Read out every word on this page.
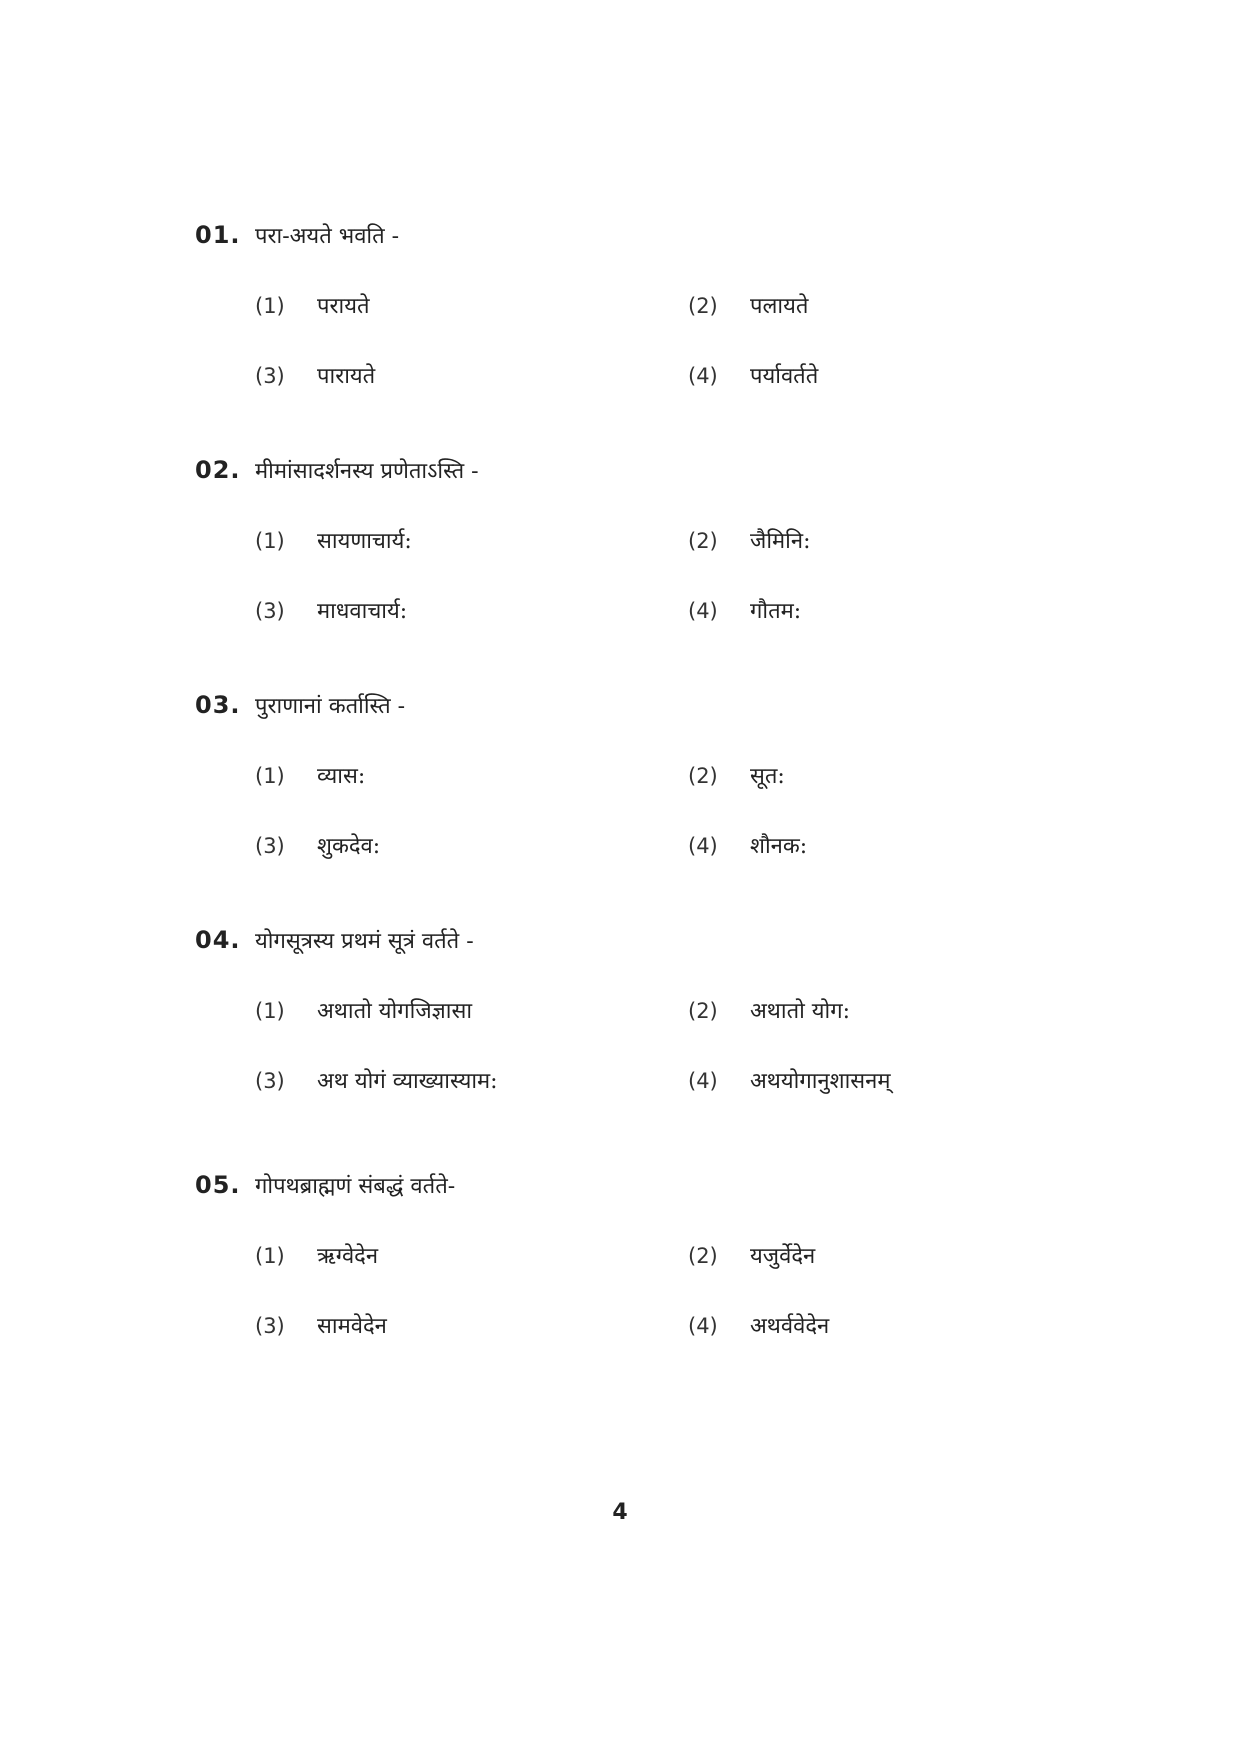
01. परा-अयते भवति -
(1)	परायते	(2)	पलायते
(3)	पारायते	(4)	पर्यावर्तते
02. मीमांसादर्शनस्य प्रणेताऽस्ति -
(1)	सायणाचार्य:	(2)	जैमिनि:
(3)	माधवाचार्य:	(4)	गौतम:
03. पुराणानां कर्तास्ति -
(1)	व्यास:	(2)	सूत:
(3)	शुकदेव:	(4)	शौनक:
04. योगसूत्रस्य प्रथमं सूत्रं वर्तते -
(1)	अथातो योगजिज्ञासा	(2)	अथातो योग:
(3)	अथ योगं व्याख्यास्याम:	(4)	अथयोगानुशासनम्
05. गोपथब्राह्मणं संबद्धं वर्तते-
(1)	ऋग्वेदेन	(2)	यजुर्वेदेन
(3)	सामवेदेन	(4)	अथर्ववेदेन
4
